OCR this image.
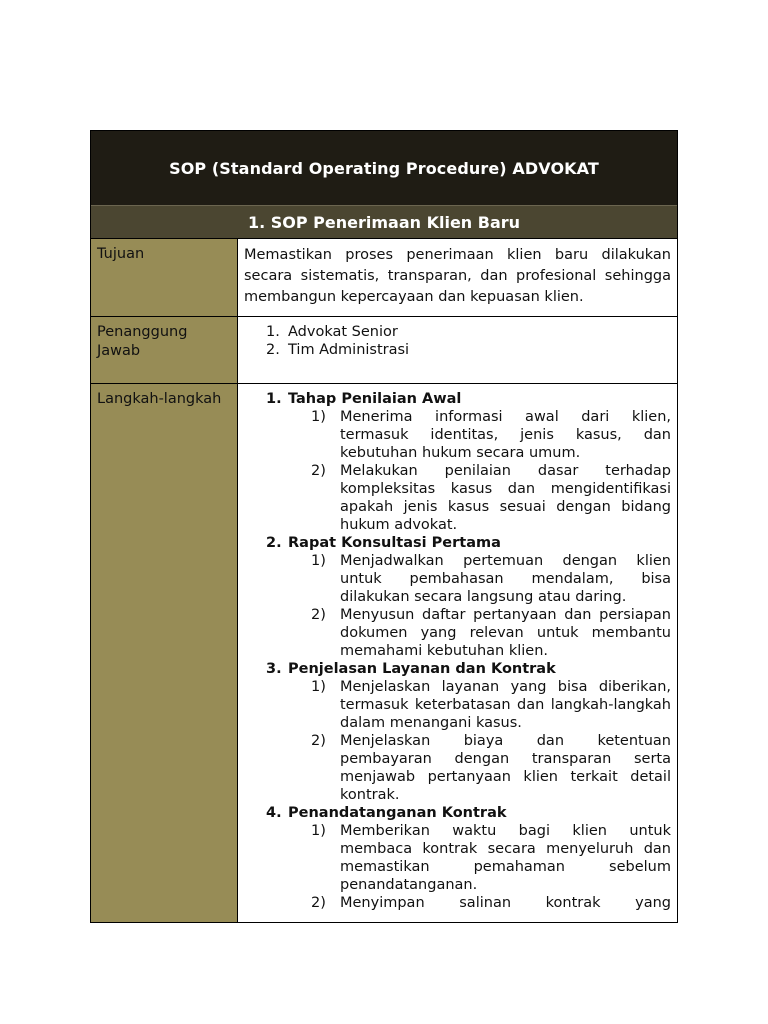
SOP (Standard Operating Procedure) ADVOKAT
1. SOP Penerimaan Klien Baru
Tujuan	Memastikan proses penerimaan klien baru dilakukan secara sistematis, transparan, dan profesional sehingga membangun kepercayaan dan kepuasan klien.
Penanggung Jawab
1. Advokat Senior
2. Tim Administrasi
Langkah-langkah	1. Tahap Penilaian Awal
1) Menerima informasi awal dari klien, termasuk identitas, jenis kasus, dan kebutuhan hukum secara umum.
2) Melakukan penilaian dasar terhadap kompleksitas kasus dan mengidentifikasi apakah jenis kasus sesuai dengan bidang hukum advokat.
2. Rapat Konsultasi Pertama
1) Menjadwalkan pertemuan dengan klien untuk pembahasan mendalam, bisa dilakukan secara langsung atau daring.
2) Menyusun daftar pertanyaan dan persiapan dokumen yang relevan untuk membantu memahami kebutuhan klien.
3. Penjelasan Layanan dan Kontrak
1) Menjelaskan layanan yang bisa diberikan, termasuk keterbatasan dan langkah-langkah dalam menangani kasus.
2) Menjelaskan biaya dan ketentuan pembayaran dengan transparan serta menjawab pertanyaan klien terkait detail kontrak.
4. Penandatanganan Kontrak
1) Memberikan waktu bagi klien untuk membaca kontrak secara menyeluruh dan memastikan pemahaman sebelum penandatanganan.
2) Menyimpan salinan kontrak yang
